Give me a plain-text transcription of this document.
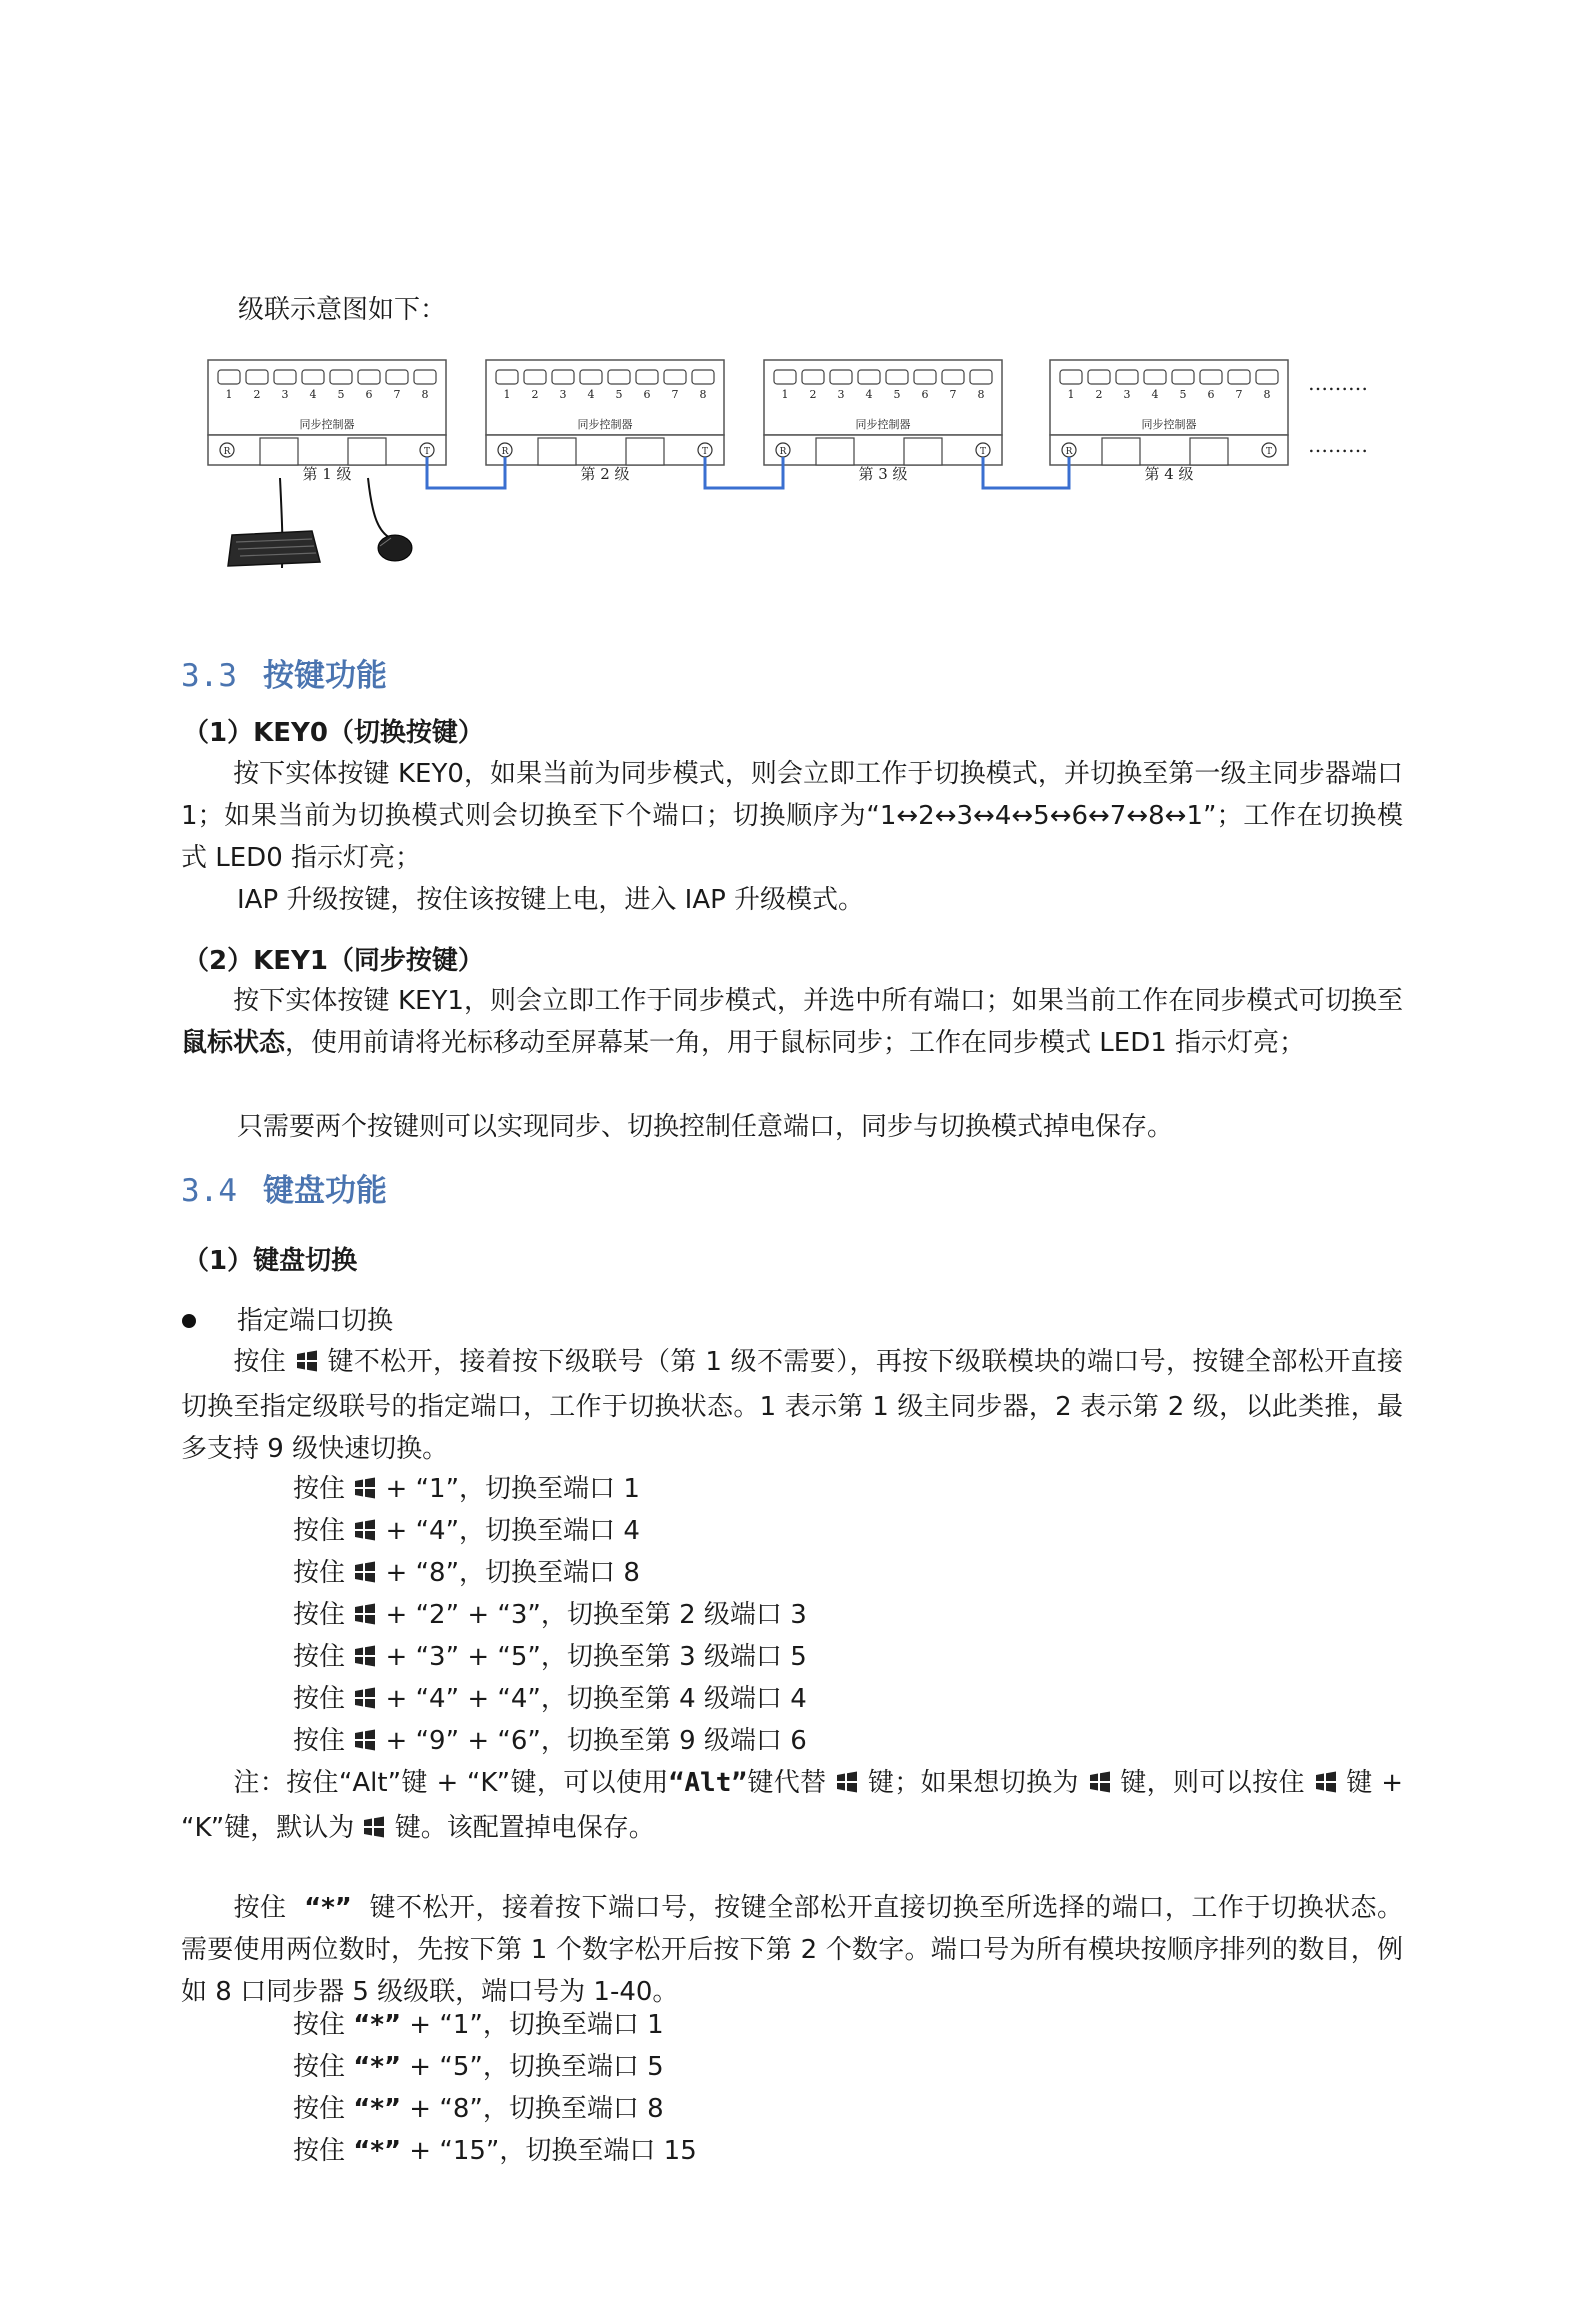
级联示意图如下：
1 2 3 4 5 6 7 8
同步控制器
R	T
第 1 级
1 2 3 4 5 6 7 8
同步控制器
R	T
第 2 级
1 2 3 4 5 6 7 8
同步控制器
R	T
第 3 级
1 2 3 4 5 6 7 8
同步控制器
R	T
第 4 级
………
………
3.3 按键功能
（1）KEY0（切换按键）
按下实体按键 KEY0，如果当前为同步模式，则会立即工作于切换模式，并切换至第一级主同步器端口 1；如果当前为切换模式则会切换至下个端口；切换顺序为“1↔2↔3↔4↔5↔6↔7↔8↔1”；工作在切换模式 LED0 指示灯亮；
IAP 升级按键，按住该按键上电，进入 IAP 升级模式。
（2）KEY1（同步按键）
按下实体按键 KEY1，则会立即工作于同步模式，并选中所有端口；如果当前工作在同步模式可切换至鼠标状态，使用前请将光标移动至屏幕某一角，用于鼠标同步；工作在同步模式 LED1 指示灯亮；
只需要两个按键则可以实现同步、切换控制任意端口，同步与切换模式掉电保存。
3.4 键盘功能
（1）键盘切换
指定端口切换
按住 键不松开，接着按下级联号（第 1 级不需要），再按下级联模块的端口号，按键全部松开直接切换至指定级联号的指定端口，工作于切换状态。1 表示第 1 级主同步器，2 表示第 2 级，以此类推，最多支持 9 级快速切换。
按住  + “1”，切换至端口 1
按住  + “4”，切换至端口 4
按住  + “8”，切换至端口 8
按住  + “2” + “3”，切换至第 2 级端口 3
按住  + “3” + “5”，切换至第 3 级端口 5
按住  + “4” + “4”，切换至第 4 级端口 4
按住  + “9” + “6”，切换至第 9 级端口 6
注：按住“Alt”键 + “K”键，可以使用“Alt”键代替 键；如果想切换为 键，则可以按住 键 + “K”键，默认为 键。该配置掉电保存。
按住 “*” 键不松开，接着按下端口号，按键全部松开直接切换至所选择的端口，工作于切换状态。需要使用两位数时，先按下第 1 个数字松开后按下第 2 个数字。端口号为所有模块按顺序排列的数目，例如 8 口同步器 5 级级联，端口号为 1-40。
按住 “*” + “1”，切换至端口 1
按住 “*” + “5”，切换至端口 5
按住 “*” + “8”，切换至端口 8
按住 “*” + “15”，切换至端口 15
